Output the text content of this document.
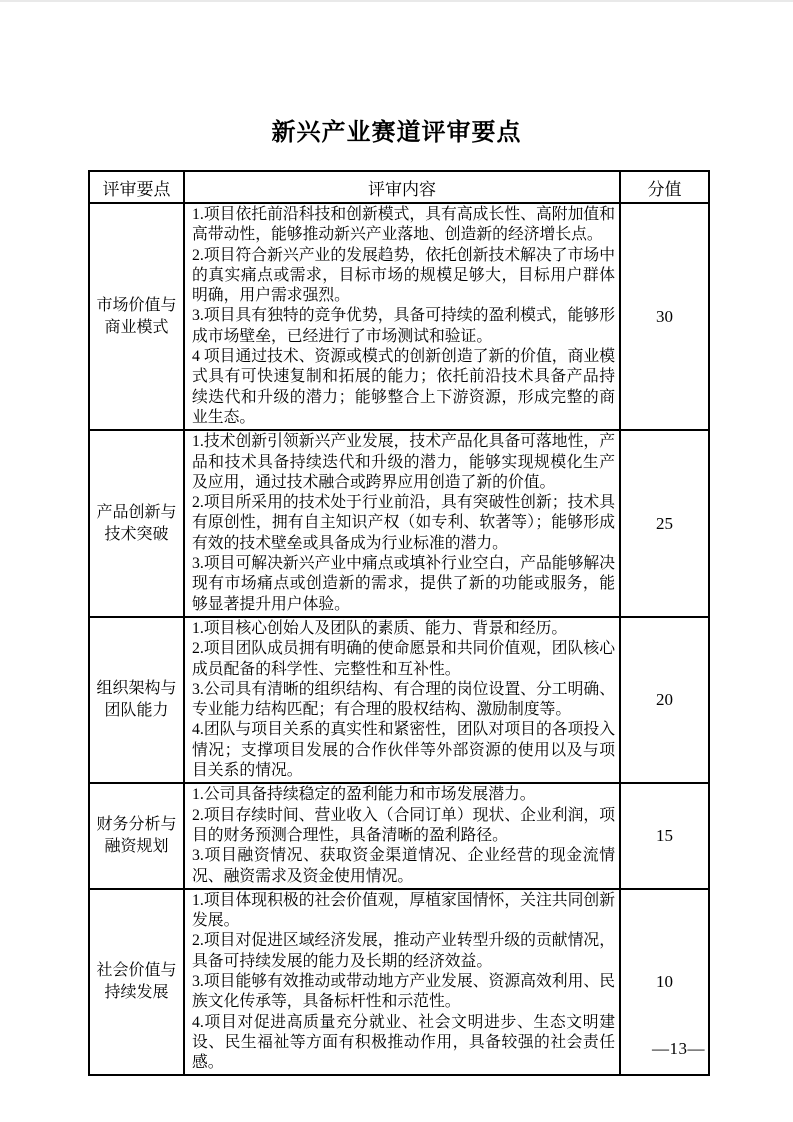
新兴产业赛道评审要点
评审要点	评审内容	分值
市场价值与商业模式	1.项目依托前沿科技和创新模式，具有高成长性、高附加值和高带动性，能够推动新兴产业落地、创造新的经济增长点。

2.项目符合新兴产业的发展趋势，依托创新技术解决了市场中的真实痛点或需求，目标市场的规模足够大，目标用户群体明确，用户需求强烈。

3.项目具有独特的竞争优势，具备可持续的盈利模式，能够形成市场壁垒，已经进行了市场测试和验证。

4 项目通过技术、资源或模式的创新创造了新的价值，商业模式具有可快速复制和拓展的能力；依托前沿技术具备产品持续迭代和升级的潜力；能够整合上下游资源，形成完整的商业生态。	30
产品创新与技术突破	1.技术创新引领新兴产业发展，技术产品化具备可落地性，产品和技术具备持续迭代和升级的潜力，能够实现规模化生产及应用，通过技术融合或跨界应用创造了新的价值。

2.项目所采用的技术处于行业前沿，具有突破性创新；技术具有原创性，拥有自主知识产权（如专利、软著等）；能够形成有效的技术壁垒或具备成为行业标准的潜力。

3.项目可解决新兴产业中痛点或填补行业空白，产品能够解决现有市场痛点或创造新的需求，提供了新的功能或服务，能够显著提升用户体验。	25
组织架构与团队能力	1.项目核心创始人及团队的素质、能力、背景和经历。

2.项目团队成员拥有明确的使命愿景和共同价值观，团队核心成员配备的科学性、完整性和互补性。

3.公司具有清晰的组织结构、有合理的岗位设置、分工明确、专业能力结构匹配；有合理的股权结构、激励制度等。

4.团队与项目关系的真实性和紧密性，团队对项目的各项投入情况；支撑项目发展的合作伙伴等外部资源的使用以及与项目关系的情况。	20
财务分析与融资规划	1.公司具备持续稳定的盈利能力和市场发展潜力。

2.项目存续时间、营业收入（合同订单）现状、企业利润，项目的财务预测合理性，具备清晰的盈利路径。

3.项目融资情况、获取资金渠道情况、企业经营的现金流情况、融资需求及资金使用情况。	15
社会价值与持续发展	1.项目体现积极的社会价值观，厚植家国情怀，关注共同创新发展。

2.项目对促进区域经济发展，推动产业转型升级的贡献情况，具备可持续发展的能力及长期的经济效益。

3.项目能够有效推动或带动地方产业发展、资源高效利用、民族文化传承等，具备标杆性和示范性。

4.项目对促进高质量充分就业、社会文明进步、生态文明建设、民生福祉等方面有积极推动作用，具备较强的社会责任感。	10
—13—
